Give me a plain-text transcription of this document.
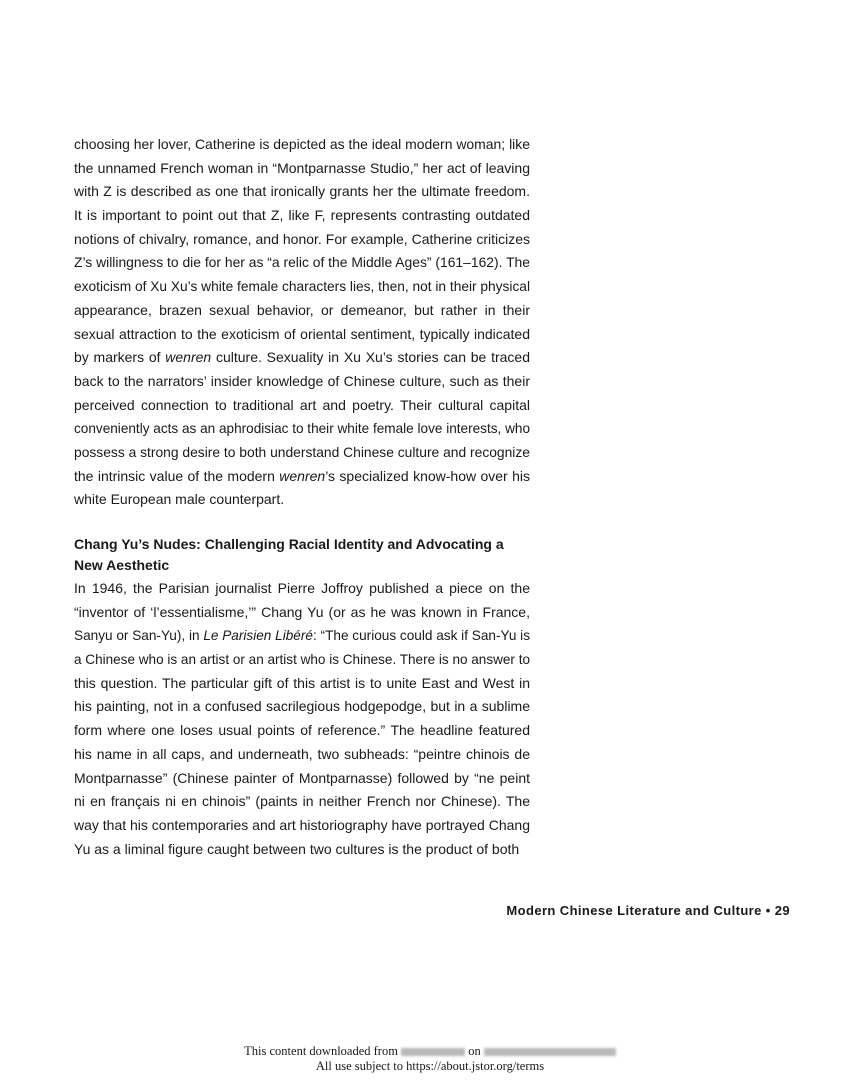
choosing her lover, Catherine is depicted as the ideal modern woman; like
the unnamed French woman in “Montparnasse Studio,” her act of leaving
with Z is described as one that ironically grants her the ultimate freedom.
It is important to point out that Z, like F, represents contrasting outdated
notions of chivalry, romance, and honor. For example, Catherine criticizes
Z’s willingness to die for her as “a relic of the Middle Ages” (161–162). The
exoticism of Xu Xu’s white female characters lies, then, not in their physical
appearance, brazen sexual behavior, or demeanor, but rather in their
sexual attraction to the exoticism of oriental sentiment, typically indicated
by markers of wenren culture. Sexuality in Xu Xu’s stories can be traced
back to the narrators’ insider knowledge of Chinese culture, such as their
perceived connection to traditional art and poetry. Their cultural capital
conveniently acts as an aphrodisiac to their white female love interests, who
possess a strong desire to both understand Chinese culture and recognize
the intrinsic value of the modern wenren’s specialized know-how over his
white European male counterpart.
Chang Yu’s Nudes: Challenging Racial Identity and Advocating a
New Aesthetic
In 1946, the Parisian journalist Pierre Joffroy published a piece on the
“inventor of ‘l’essentialisme,’” Chang Yu (or as he was known in France,
Sanyu or San-Yu), in Le Parisien Libéré: “The curious could ask if San-Yu is
a Chinese who is an artist or an artist who is Chinese. There is no answer to
this question. The particular gift of this artist is to unite East and West in
his painting, not in a confused sacrilegious hodgepodge, but in a sublime
form where one loses usual points of reference.” The headline featured
his name in all caps, and underneath, two subheads: “peintre chinois de
Montparnasse” (Chinese painter of Montparnasse) followed by “ne peint
ni en français ni en chinois” (paints in neither French nor Chinese). The
way that his contemporaries and art historiography have portrayed Chang
Yu as a liminal figure caught between two cultures is the product of both
Modern Chinese Literature and Culture • 29
This content downloaded from	on
All use subject to https://about.jstor.org/terms
